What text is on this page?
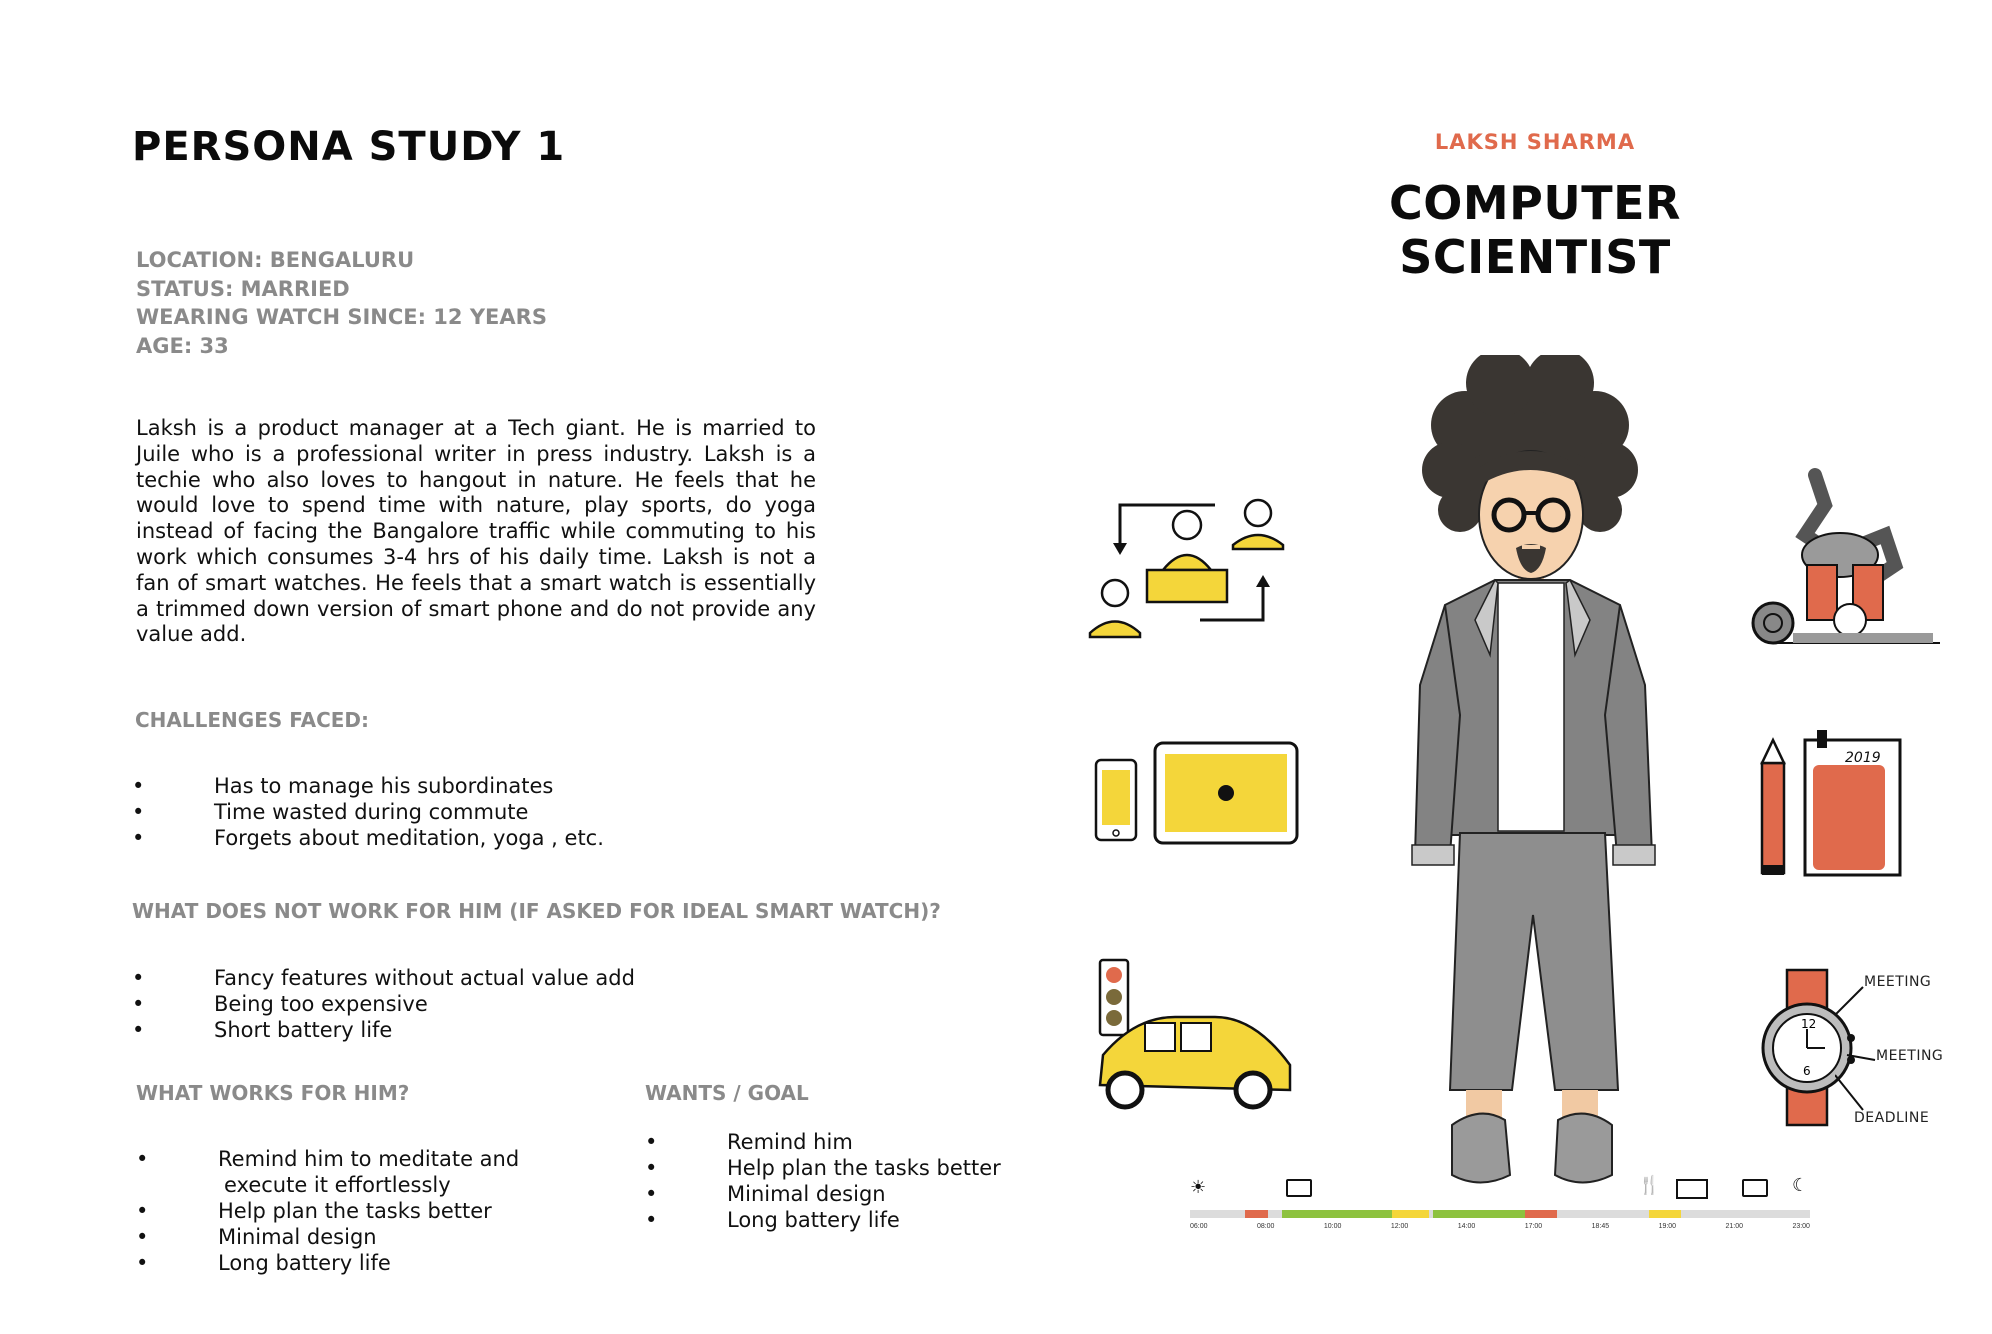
PERSONA STUDY 1
LOCATION: BENGALURU
STATUS: MARRIED
WEARING WATCH SINCE: 12 YEARS
AGE: 33
Laksh is a product manager at a Tech giant. He is married to Juile who is a professional writer in press industry. Laksh is a techie who also loves to hangout in nature. He feels that he would love to spend time with nature, play sports, do yoga instead of facing the Bangalore traffic while commuting to his work which consumes 3-4 hrs of his daily time. Laksh is not a fan of smart watches. He feels that a smart watch is essentially a trimmed down version of smart phone and do not provide any value add.
CHALLENGES FACED:
• Has to manage his subordinates
• Time wasted during commute
• Forgets about meditation, yoga , etc.
WHAT DOES NOT WORK FOR HIM (IF ASKED FOR IDEAL SMART WATCH)?
• Fancy features without actual value add
• Being too expensive
• Short battery life
WHAT WORKS FOR HIM?
• Remind him to meditate and
execute it effortlessly
• Help plan the tasks better
• Minimal design
• Long battery life
WANTS / GOAL
• Remind him
• Help plan the tasks better
• Minimal design
• Long battery life
LAKSH SHARMA
COMPUTER SCIENTIST
2019
12
6
MEETING
MEETING
DEADLINE
☀	🍴	☾
06:00	08:00	10:00	12:00	14:00	17:00	18:45	19:00	21:00	23:00
